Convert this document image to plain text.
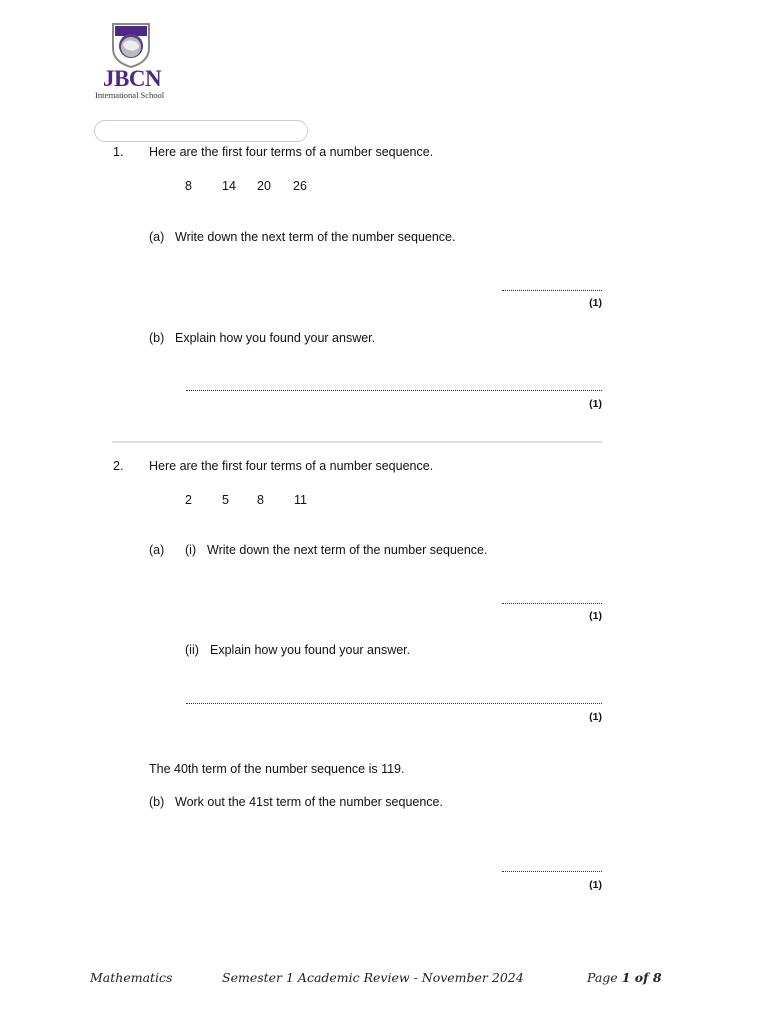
JBCN
International School
1. Here are the first four terms of a number sequence.
8 14 20 26
(a) Write down the next term of the number sequence.
(1)
(b) Explain how you found your answer.
(1)
2. Here are the first four terms of a number sequence.
2 5 8 11
(a) (i) Write down the next term of the number sequence.
(1)
(ii) Explain how you found your answer.
(1)
The 40th term of the number sequence is 119.
(b) Work out the 41st term of the number sequence.
(1)
Mathematics	Semester 1 Academic Review - November 2024	Page 1 of 8
